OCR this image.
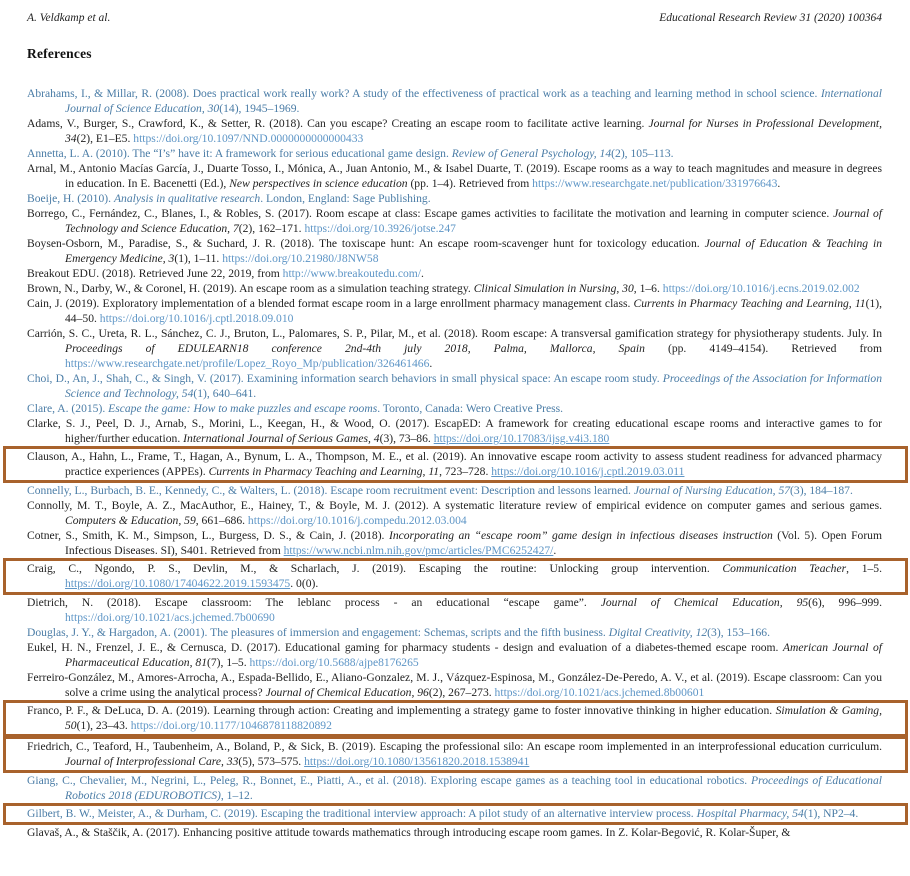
A. Veldkamp et al.	Educational Research Review 31 (2020) 100364
References
Abrahams, I., & Millar, R. (2008). Does practical work really work? A study of the effectiveness of practical work as a teaching and learning method in school science. International Journal of Science Education, 30(14), 1945–1969.
Adams, V., Burger, S., Crawford, K., & Setter, R. (2018). Can you escape? Creating an escape room to facilitate active learning. Journal for Nurses in Professional Development, 34(2), E1–E5. https://doi.org/10.1097/NND.0000000000000433
Annetta, L. A. (2010). The “I’s” have it: A framework for serious educational game design. Review of General Psychology, 14(2), 105–113.
Arnal, M., Antonio Macías García, J., Duarte Tosso, I., Mónica, A., Juan Antonio, M., & Isabel Duarte, T. (2019). Escape rooms as a way to teach magnitudes and measure in degrees in education. In E. Bacenetti (Ed.), New perspectives in science education (pp. 1–4). Retrieved from https://www.researchgate.net/publication/331976643.
Boeije, H. (2010). Analysis in qualitative research. London, England: Sage Publishing.
Borrego, C., Fernández, C., Blanes, I., & Robles, S. (2017). Room escape at class: Escape games activities to facilitate the motivation and learning in computer science. Journal of Technology and Science Education, 7(2), 162–171. https://doi.org/10.3926/jotse.247
Boysen-Osborn, M., Paradise, S., & Suchard, J. R. (2018). The toxiscape hunt: An escape room-scavenger hunt for toxicology education. Journal of Education & Teaching in Emergency Medicine, 3(1), 1–11. https://doi.org/10.21980/J8NW58
Breakout EDU. (2018). Retrieved June 22, 2019, from http://www.breakoutedu.com/.
Brown, N., Darby, W., & Coronel, H. (2019). An escape room as a simulation teaching strategy. Clinical Simulation in Nursing, 30, 1–6. https://doi.org/10.1016/j.ecns.2019.02.002
Cain, J. (2019). Exploratory implementation of a blended format escape room in a large enrollment pharmacy management class. Currents in Pharmacy Teaching and Learning, 11(1), 44–50. https://doi.org/10.1016/j.cptl.2018.09.010
Carrión, S. C., Ureta, R. L., Sánchez, C. J., Bruton, L., Palomares, S. P., Pilar, M., et al. (2018). Room escape: A transversal gamification strategy for physiotherapy students. July. In Proceedings of EDULEARN18 conference 2nd-4th july 2018, Palma, Mallorca, Spain (pp. 4149–4154). Retrieved from https://www.researchgate.net/profile/Lopez_Royo_Mp/publication/326461466.
Choi, D., An, J., Shah, C., & Singh, V. (2017). Examining information search behaviors in small physical space: An escape room study. Proceedings of the Association for Information Science and Technology, 54(1), 640–641.
Clare, A. (2015). Escape the game: How to make puzzles and escape rooms. Toronto, Canada: Wero Creative Press.
Clarke, S. J., Peel, D. J., Arnab, S., Morini, L., Keegan, H., & Wood, O. (2017). EscapED: A framework for creating educational escape rooms and interactive games to for higher/further education. International Journal of Serious Games, 4(3), 73–86. https://doi.org/10.17083/ijsg.v4i3.180
Clauson, A., Hahn, L., Frame, T., Hagan, A., Bynum, L. A., Thompson, M. E., et al. (2019). An innovative escape room activity to assess student readiness for advanced pharmacy practice experiences (APPEs). Currents in Pharmacy Teaching and Learning, 11, 723–728. https://doi.org/10.1016/j.cptl.2019.03.011
Connelly, L., Burbach, B. E., Kennedy, C., & Walters, L. (2018). Escape room recruitment event: Description and lessons learned. Journal of Nursing Education, 57(3), 184–187.
Connolly, M. T., Boyle, A. Z., MacAuthor, E., Hainey, T., & Boyle, M. J. (2012). A systematic literature review of empirical evidence on computer games and serious games. Computers & Education, 59, 661–686. https://doi.org/10.1016/j.compedu.2012.03.004
Cotner, S., Smith, K. M., Simpson, L., Burgess, D. S., & Cain, J. (2018). Incorporating an “escape room” game design in infectious diseases instruction (Vol. 5). Open Forum Infectious Diseases. SI), S401. Retrieved from https://www.ncbi.nlm.nih.gov/pmc/articles/PMC6252427/.
Craig, C., Ngondo, P. S., Devlin, M., & Scharlach, J. (2019). Escaping the routine: Unlocking group intervention. Communication Teacher, 1–5. https://doi.org/10.1080/17404622.2019.1593475. 0(0).
Dietrich, N. (2018). Escape classroom: The leblanc process - an educational “escape game”. Journal of Chemical Education, 95(6), 996–999. https://doi.org/10.1021/acs.jchemed.7b00690
Douglas, J. Y., & Hargadon, A. (2001). The pleasures of immersion and engagement: Schemas, scripts and the fifth business. Digital Creativity, 12(3), 153–166.
Eukel, H. N., Frenzel, J. E., & Cernusca, D. (2017). Educational gaming for pharmacy students - design and evaluation of a diabetes-themed escape room. American Journal of Pharmaceutical Education, 81(7), 1–5. https://doi.org/10.5688/ajpe8176265
Ferreiro-González, M., Amores-Arrocha, A., Espada-Bellido, E., Aliano-Gonzalez, M. J., Vázquez-Espinosa, M., González-De-Peredo, A. V., et al. (2019). Escape classroom: Can you solve a crime using the analytical process? Journal of Chemical Education, 96(2), 267–273. https://doi.org/10.1021/acs.jchemed.8b00601
Franco, P. F., & DeLuca, D. A. (2019). Learning through action: Creating and implementing a strategy game to foster innovative thinking in higher education. Simulation & Gaming, 50(1), 23–43. https://doi.org/10.1177/1046878118820892
Friedrich, C., Teaford, H., Taubenheim, A., Boland, P., & Sick, B. (2019). Escaping the professional silo: An escape room implemented in an interprofessional education curriculum. Journal of Interprofessional Care, 33(5), 573–575. https://doi.org/10.1080/13561820.2018.1538941
Giang, C., Chevalier, M., Negrini, L., Peleg, R., Bonnet, E., Piatti, A., et al. (2018). Exploring escape games as a teaching tool in educational robotics. Proceedings of Educational Robotics 2018 (EDUROBOTICS), 1–12.
Gilbert, B. W., Meister, A., & Durham, C. (2019). Escaping the traditional interview approach: A pilot study of an alternative interview process. Hospital Pharmacy, 54(1), NP2–4.
Glavaš, A., & Staščik, A. (2017). Enhancing positive attitude towards mathematics through introducing escape room games. In Z. Kolar-Begović, R. Kolar-Šuper, &
